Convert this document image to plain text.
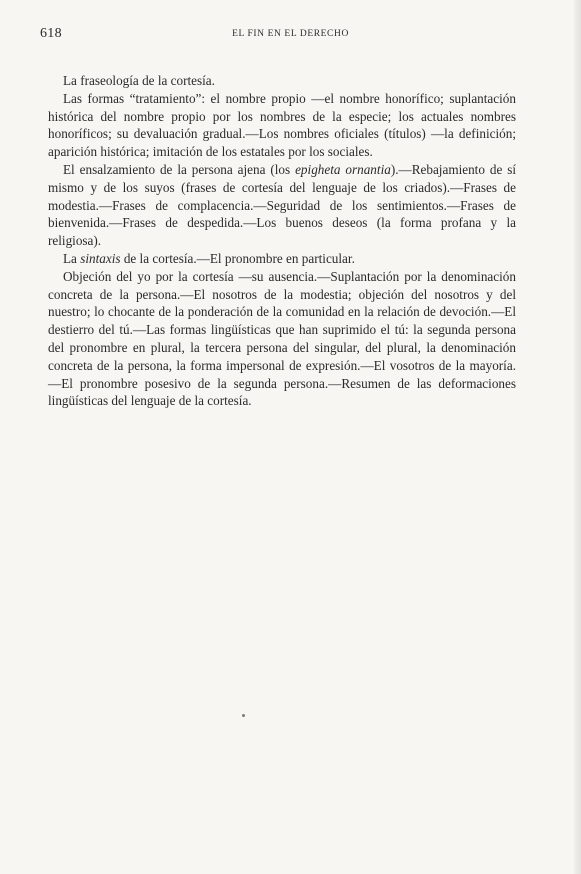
618	EL FIN EN EL DERECHO

La fraseología de la cortesía.

Las formas “tratamiento”: el nombre propio —el nombre honorífico; suplantación histórica del nombre propio por los nombres de la especie; los actuales nombres honoríficos; su devaluación gradual.—Los nombres oficiales (títulos) —la definición; aparición histórica; imitación de los estatales por los sociales.

El ensalzamiento de la persona ajena (los epigheta ornantia).—Rebajamiento de sí mismo y de los suyos (frases de cortesía del lenguaje de los criados).—Frases de modestia.—Frases de complacencia.—Seguridad de los sentimientos.—Frases de bienvenida.—Frases de despedida.—Los buenos deseos (la forma profana y la religiosa).

La sintaxis de la cortesía.—El pronombre en particular.

Objeción del yo por la cortesía —su ausencia.—Suplantación por la denominación concreta de la persona.—El nosotros de la modestia; objeción del nosotros y del nuestro; lo chocante de la ponderación de la comunidad en la relación de devoción.—El destierro del tú.—Las formas lingüísticas que han suprimido el tú: la segunda persona del pronombre en plural, la tercera persona del singular, del plural, la denominación concreta de la persona, la forma impersonal de expresión.—El vosotros de la mayoría.—El pronombre posesivo de la segunda persona.—Resumen de las deformaciones lingüísticas del lenguaje de la cortesía.
